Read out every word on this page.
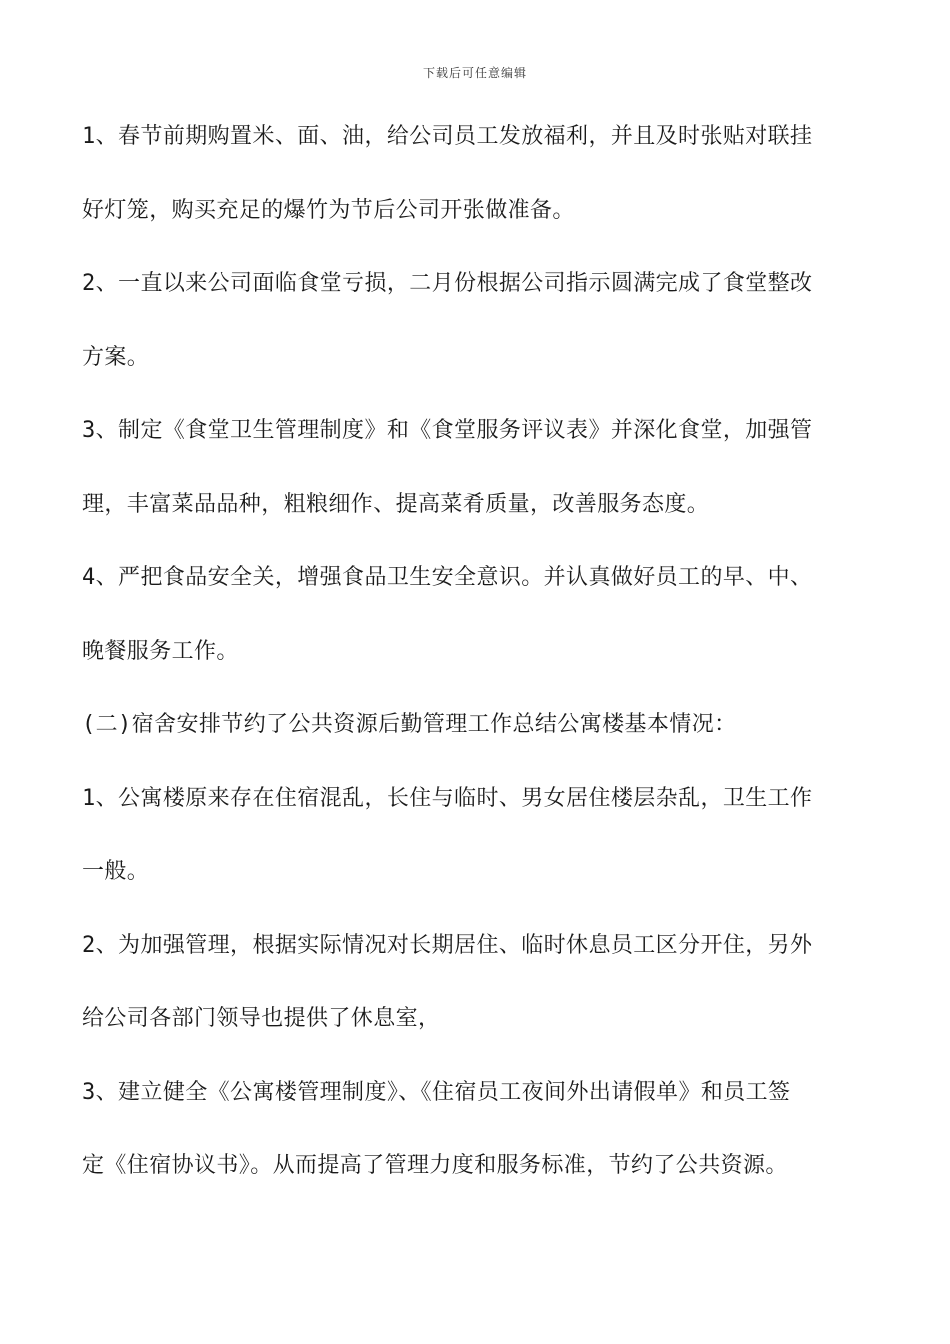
下载后可任意编辑
1、春节前期购置米、面、油，给公司员工发放福利，并且及时张贴对联挂
好灯笼，购买充足的爆竹为节后公司开张做准备。
2、一直以来公司面临食堂亏损，二月份根据公司指示圆满完成了食堂整改
方案。
3、制定《食堂卫生管理制度》和《食堂服务评议表》并深化食堂，加强管
理，丰富菜品品种，粗粮细作、提高菜肴质量，改善服务态度。
4、严把食品安全关，增强食品卫生安全意识。并认真做好员工的早、中、
晚餐服务工作。
(二)宿舍安排节约了公共资源后勤管理工作总结公寓楼基本情况：
1、公寓楼原来存在住宿混乱，长住与临时、男女居住楼层杂乱，卫生工作
一般。
2、为加强管理，根据实际情况对长期居住、临时休息员工区分开住，另外
给公司各部门领导也提供了休息室，
3、建立健全《公寓楼管理制度》、《住宿员工夜间外出请假单》和员工签
定《住宿协议书》。从而提高了管理力度和服务标准，节约了公共资源。
